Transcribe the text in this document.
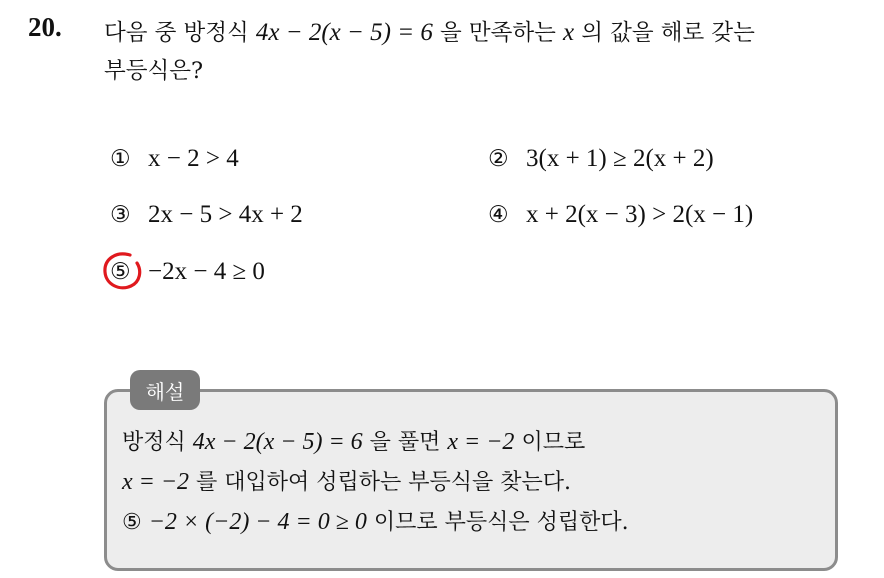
20. 다음 중 방정식 4x − 2(x − 5) = 6 을 만족하는 x 의 값을 해로 갖는
부등식은?
① x − 2 > 4	② 3(x + 1) ≥ 2(x + 2)
③ 2x − 5 > 4x + 2	④ x + 2(x − 3) > 2(x − 1)
⑤ −2x − 4 ≥ 0
해설
방정식 4x − 2(x − 5) = 6 을 풀면 x = −2 이므로
x = −2 를 대입하여 성립하는 부등식을 찾는다.
⑤ −2 × (−2) − 4 = 0 ≥ 0 이므로 부등식은 성립한다.
